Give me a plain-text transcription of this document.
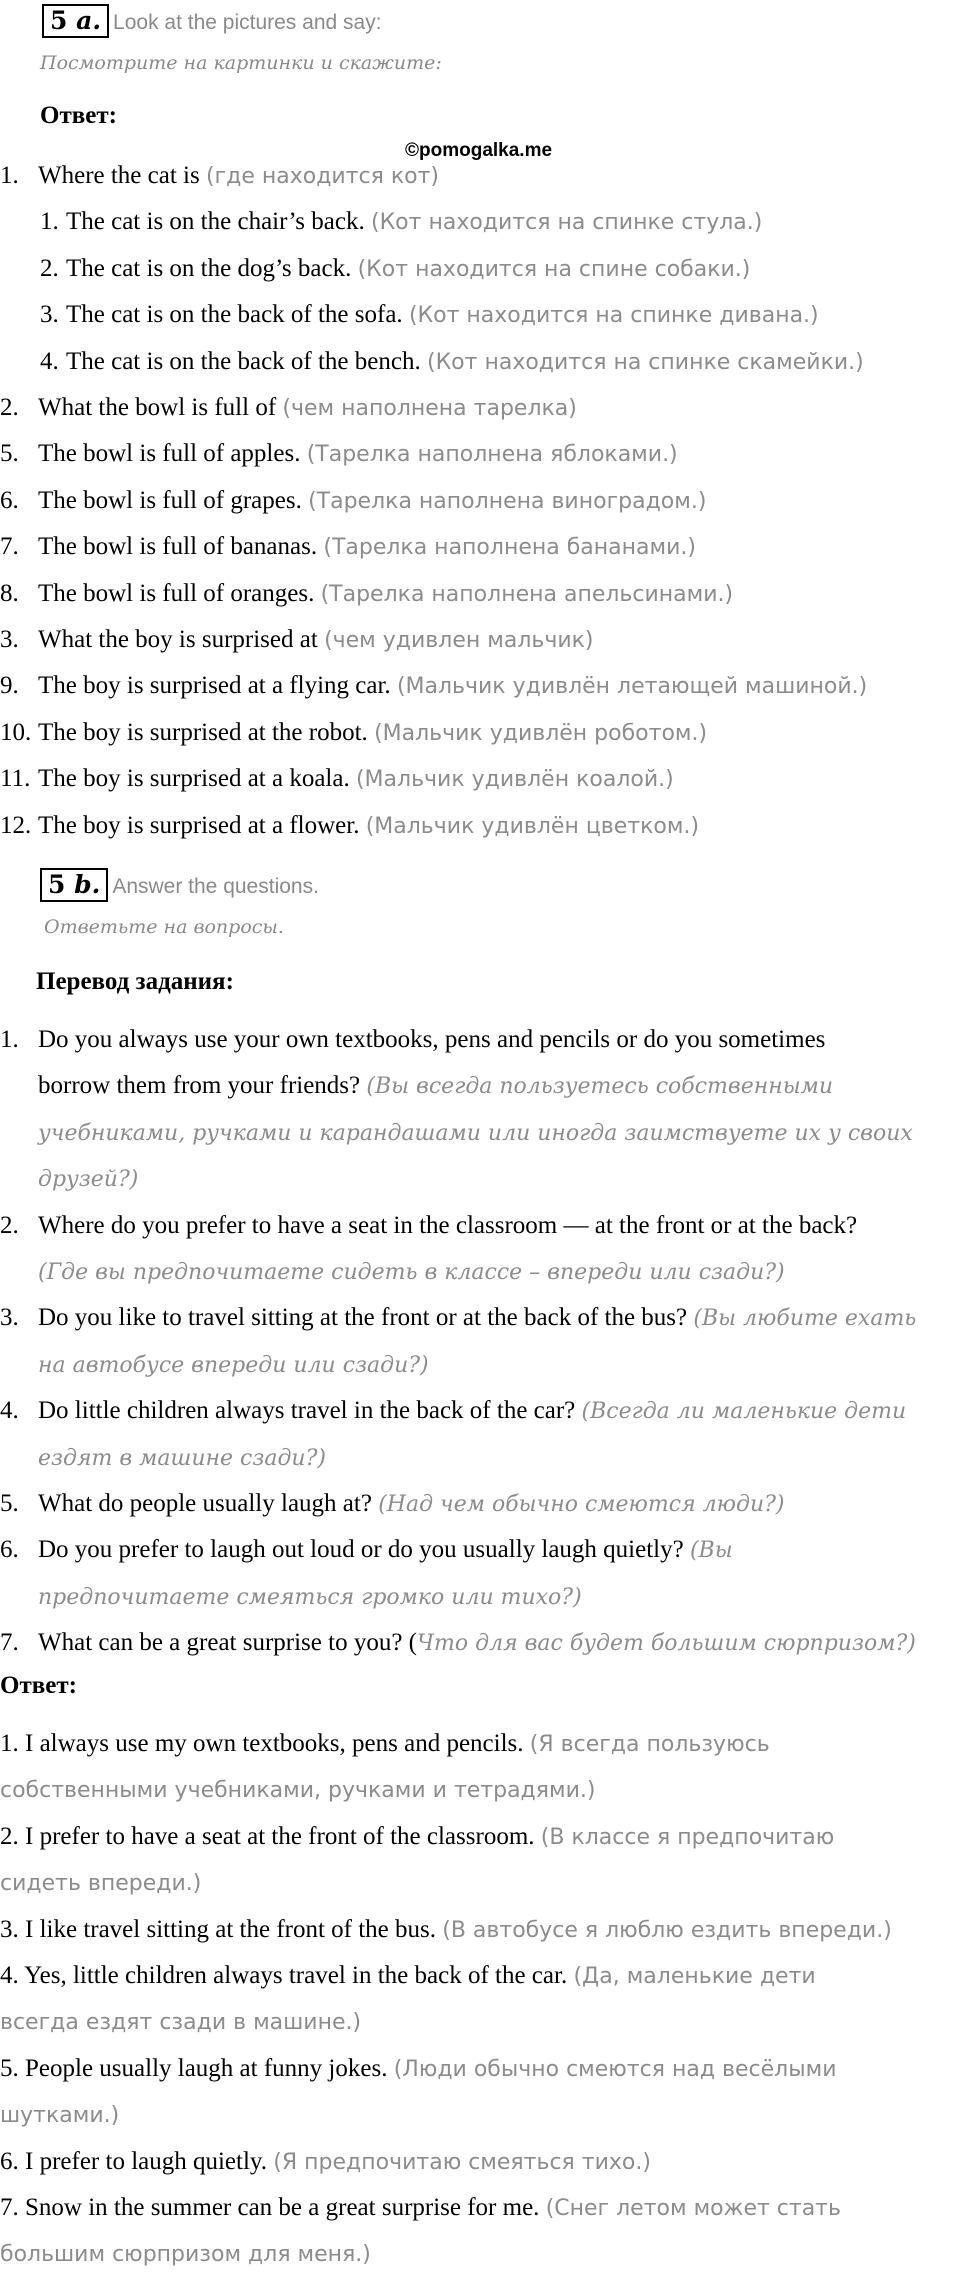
5 a. Look at the pictures and say:
Посмотрите на картинки и скажите:
Ответ:
©pomogalka.me
1. Where the cat is (где находится кот)
1. The cat is on the chair’s back. (Кот находится на спинке стула.)
2. The cat is on the dog’s back. (Кот находится на спине собаки.)
3. The cat is on the back of the sofa. (Кот находится на спинке дивана.)
4. The cat is on the back of the bench. (Кот находится на спинке скамейки.)
2. What the bowl is full of (чем наполнена тарелка)
5. The bowl is full of apples. (Тарелка наполнена яблоками.)
6. The bowl is full of grapes. (Тарелка наполнена виноградом.)
7. The bowl is full of bananas. (Тарелка наполнена бананами.)
8. The bowl is full of oranges. (Тарелка наполнена апельсинами.)
3. What the boy is surprised at (чем удивлен мальчик)
9. The boy is surprised at a flying car. (Мальчик удивлён летающей машиной.)
10. The boy is surprised at the robot. (Мальчик удивлён роботом.)
11. The boy is surprised at a koala. (Мальчик удивлён коалой.)
12. The boy is surprised at a flower. (Мальчик удивлён цветком.)
5 b. Answer the questions.
Ответьте на вопросы.
Перевод задания:
1. Do you always use your own textbooks, pens and pencils or do you sometimes
borrow them from your friends? (Вы всегда пользуетесь собственными
учебниками, ручками и карандашами или иногда заимствуете их у своих
друзей?)
2. Where do you prefer to have a seat in the classroom — at the front or at the back?
(Где вы предпочитаете сидеть в классе – впереди или сзади?)
3. Do you like to travel sitting at the front or at the back of the bus? (Вы любите ехать
на автобусе впереди или сзади?)
4. Do little children always travel in the back of the car? (Всегда ли маленькие дети
ездят в машине сзади?)
5. What do people usually laugh at? (Над чем обычно смеются люди?)
6. Do you prefer to laugh out loud or do you usually laugh quietly? (Вы
предпочитаете смеяться громко или тихо?)
7. What can be a great surprise to you? (Что для вас будет большим сюрпризом?)
Ответ:
1. I always use my own textbooks, pens and pencils. (Я всегда пользуюсь
собственными учебниками, ручками и тетрадями.)
2. I prefer to have a seat at the front of the classroom. (В классе я предпочитаю
сидеть впереди.)
3. I like travel sitting at the front of the bus. (В автобусе я люблю ездить впереди.)
4. Yes, little children always travel in the back of the car. (Да, маленькие дети
всегда ездят сзади в машине.)
5. People usually laugh at funny jokes. (Люди обычно смеются над весёлыми
шутками.)
6. I prefer to laugh quietly. (Я предпочитаю смеяться тихо.)
7. Snow in the summer can be a great surprise for me. (Снег летом может стать
большим сюрпризом для меня.)
